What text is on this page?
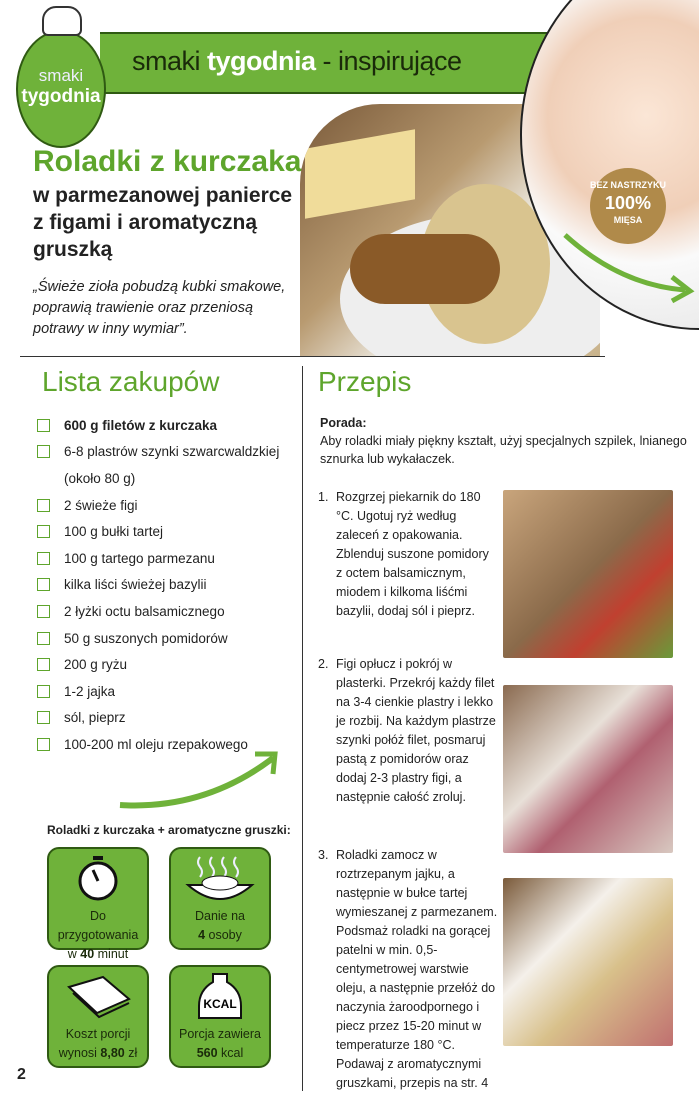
BEZ NASTRZYKU
100%
MIĘSA
smaki tygodnia - inspirujące
smaki
tygodnia
Roladki z kurczaka
w parmezanowej panierce
z figami i aromatyczną
gruszką
„Świeże zioła pobudzą kubki smakowe, poprawią trawienie oraz przeniosą potrawy w inny wymiar”.
Lista zakupów
600 g filetów z kurczaka
6-8 plastrów szynki szwarcwaldzkiej
(około 80 g)
2 świeże figi
100 g bułki tartej
100 g tartego parmezanu
kilka liści świeżej bazylii
2 łyżki octu balsamicznego
50 g suszonych pomidorów
200 g ryżu
1-2 jajka
sól, pieprz
100-200 ml oleju rzepakowego
Roladki z kurczaka + aromatyczne gruszki:
Do przygotowania
w 40 minut
Danie na
4 osoby
Koszt porcji
wynosi 8,80 zł
KCAL
Porcja zawiera
560 kcal
Przepis
Porada:
Aby roladki miały piękny kształt, użyj specjalnych szpilek, lnianego sznurka lub wykałaczek.
1. Rozgrzej piekarnik do 180 °C. Ugotuj ryż według zaleceń z opakowania. Zblenduj suszone pomidory z octem balsamicznym, miodem i kilkoma liśćmi bazylii, dodaj sól i pieprz.
2. Figi opłucz i pokrój w plasterki. Przekrój każdy filet na 3-4 cienkie plastry i lekko je rozbij. Na każdym plastrze szynki połóż filet, posmaruj pastą z pomidorów oraz dodaj 2-3 plastry figi, a następnie całość zroluj.
3. Roladki zamocz w roztrzepanym jajku, a następnie w bułce tartej wymieszanej z parmezanem. Podsmaż roladki na gorącej patelni w min. 0,5-centymetrowej warstwie oleju, a następnie przełóż do naczynia żaroodpornego i piecz przez 15-20 minut w temperaturze 180 °C. Podawaj z aromatycznymi gruszkami, przepis na str. 4
2
